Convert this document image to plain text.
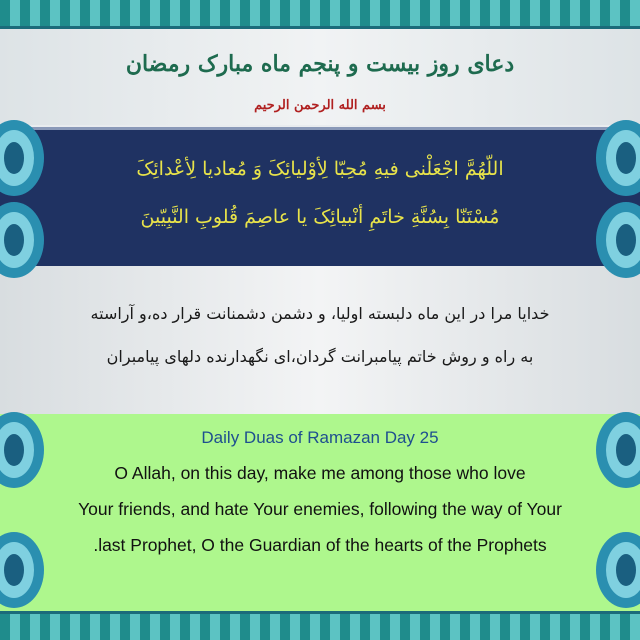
دعای روز بیست و پنجم ماه مبارک رمضان
بسم الله الرحمن الرحیم
اللّهُمَّ اجْعَلْنی فیهِ مُحِبّا لِأوْلیائِکَ وَ مُعادیا لِأعْدائِکَ
مُسْتَنّا بِسُنَّةِ خاتَمِ أنْبیائِکَ یا عاصِمَ قُلوبِ النَّبِیّینَ
خدایا مرا در این ماه دلبسته اولیا، و دشمن دشمنانت قرار ده،و آراسته
به راه و روش خاتم پیامبرانت گردان،ای نگهدارنده دلهای پیامبران
Daily Duas of Ramazan Day 25
O Allah, on this day, make me among those who love
Your friends, and hate Your enemies, following the way of Your
.last Prophet, O the Guardian of the hearts of the Prophets
